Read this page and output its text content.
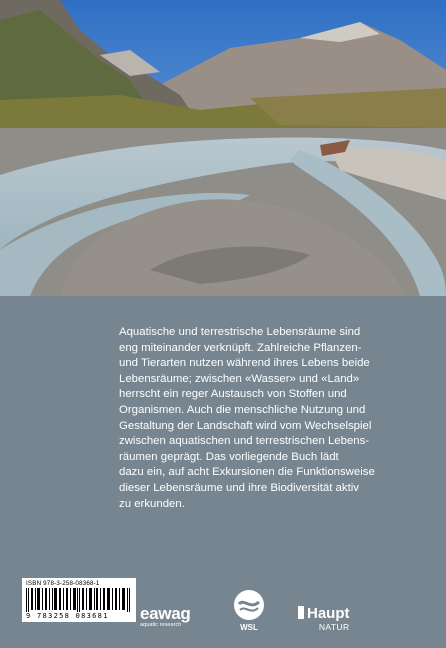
Aquatische und terrestrische Lebensräume sind
eng miteinander verknüpft. Zahlreiche Pflanzen-
und Tierarten nutzen während ihres Lebens beide
Lebensräume; zwischen «Wasser» und «Land»
herrscht ein reger Austausch von Stoffen und
Organismen. Auch die menschliche Nutzung und
Gestaltung der Landschaft wird vom Wechselspiel
zwischen aquatischen und terrestrischen Lebens-
räumen geprägt. Das vorliegende Buch lädt
dazu ein, auf acht Exkursionen die Funktionsweise
dieser Lebensräume und ihre Biodiversität aktiv
zu erkunden.

ISBN 978-3-258-08368-1
9 783258 083681 eawag
aquatic research	WSL
Haupt
NATUR
